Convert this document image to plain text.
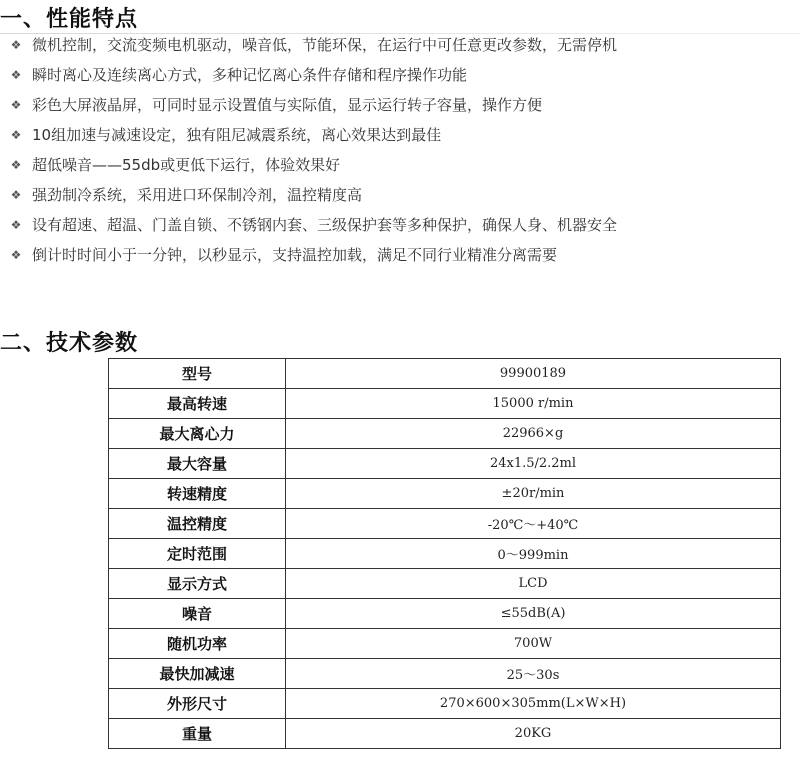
一、性能特点
❖ 微机控制，交流变频电机驱动，噪音低，节能环保，在运行中可任意更改参数，无需停机
❖ 瞬时离心及连续离心方式，多种记忆离心条件存储和程序操作功能
❖ 彩色大屏液晶屏，可同时显示设置值与实际值，显示运行转子容量，操作方便
❖ 10组加速与减速设定，独有阻尼减震系统，离心效果达到最佳
❖ 超低噪音——55db或更低下运行，体验效果好
❖ 强劲制冷系统，采用进口环保制冷剂，温控精度高
❖ 设有超速、超温、门盖自锁、不锈钢内套、三级保护套等多种保护，确保人身、机器安全
❖ 倒计时时间小于一分钟，以秒显示，支持温控加载，满足不同行业精准分离需要
二、技术参数
型号	99900189
最高转速	15000 r/min
最大离心力	22966×g
最大容量	24x1.5/2.2ml
转速精度	±20r/min
温控精度	-20℃～+40℃
定时范围	0～999min
显示方式	LCD
噪音	≤55dB(A)
随机功率	700W
最快加减速	25～30s
外形尺寸	270×600×305mm(L×W×H)
重量	20KG
